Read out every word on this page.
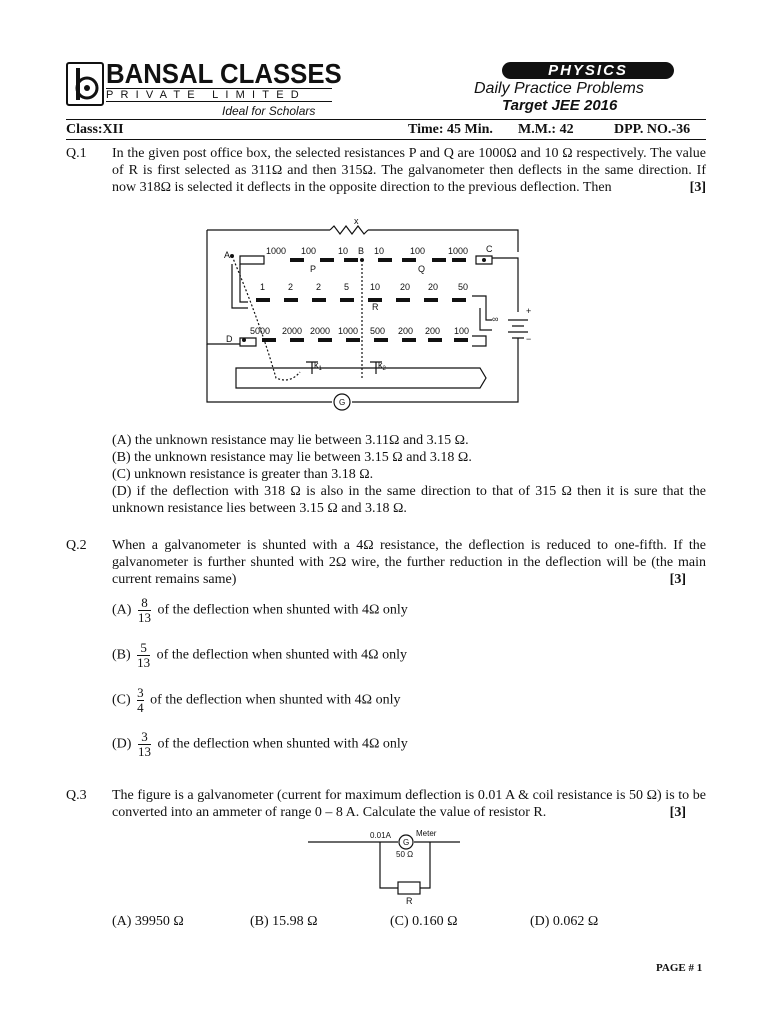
BANSAL CLASSES
PRIVATE LIMITED
Ideal for Scholars
PHYSICS
Daily Practice Problems
Target JEE 2016
Class:XII	Time: 45 Min. M.M.: 42	DPP. NO.-36
Q.1 In the given post office box, the selected resistances P and Q are 1000Ω and 10 Ω respectively. The value of R is first selected as 311Ω and then 315Ω. The galvanometer then deflects in the same direction. If now 318Ω is selected it deflects in the opposite direction to the previous deflection. Then	[3]
x
A	B	C
D
P	Q
R
G
∞
+
−
$k_1$	$k_2$
1000 100 10	10	100	1000
1	2	2	5 10 20 20 50
5000 2000 2000 1000 500 200 200 100
(A) the unknown resistance may lie between 3.11Ω and 3.15 Ω.
(B) the unknown resistance may lie between 3.15 Ω and 3.18 Ω.
(C) unknown resistance is greater than 3.18 Ω.
(D) if the deflection with 318 Ω is also in the same direction to that of 315 Ω then it is sure that the unknown resistance lies between 3.15 Ω and 3.18 Ω.
Q.2 When a galvanometer is shunted with a 4Ω resistance, the deflection is reduced to one-fifth. If the galvanometer is further shunted with 2Ω wire, the further reduction in the deflection will be (the main current remains same)	[3]
$(A) \frac{8}{13}$ of the deflection when shunted with 4Ω only
$(B) \frac{5}{13}$ of the deflection when shunted with 4Ω only
$(C) \frac{3}{4}$ of the deflection when shunted with 4Ω only
$(D) \frac{3}{13}$ of the deflection when shunted with 4Ω only
Q.3 The figure is a galvanometer (current for maximum deflection is 0.01 A & coil resistance is 50 Ω) is to be converted into an ammeter of range 0 – 8 A. Calculate the value of resistor R.	[3]
0.01A
G
Meter
50 Ω
R
(A) 39950 Ω	(B) 15.98 Ω	(C) 0.160 Ω	(D) 0.062 Ω
PAGE # 1
